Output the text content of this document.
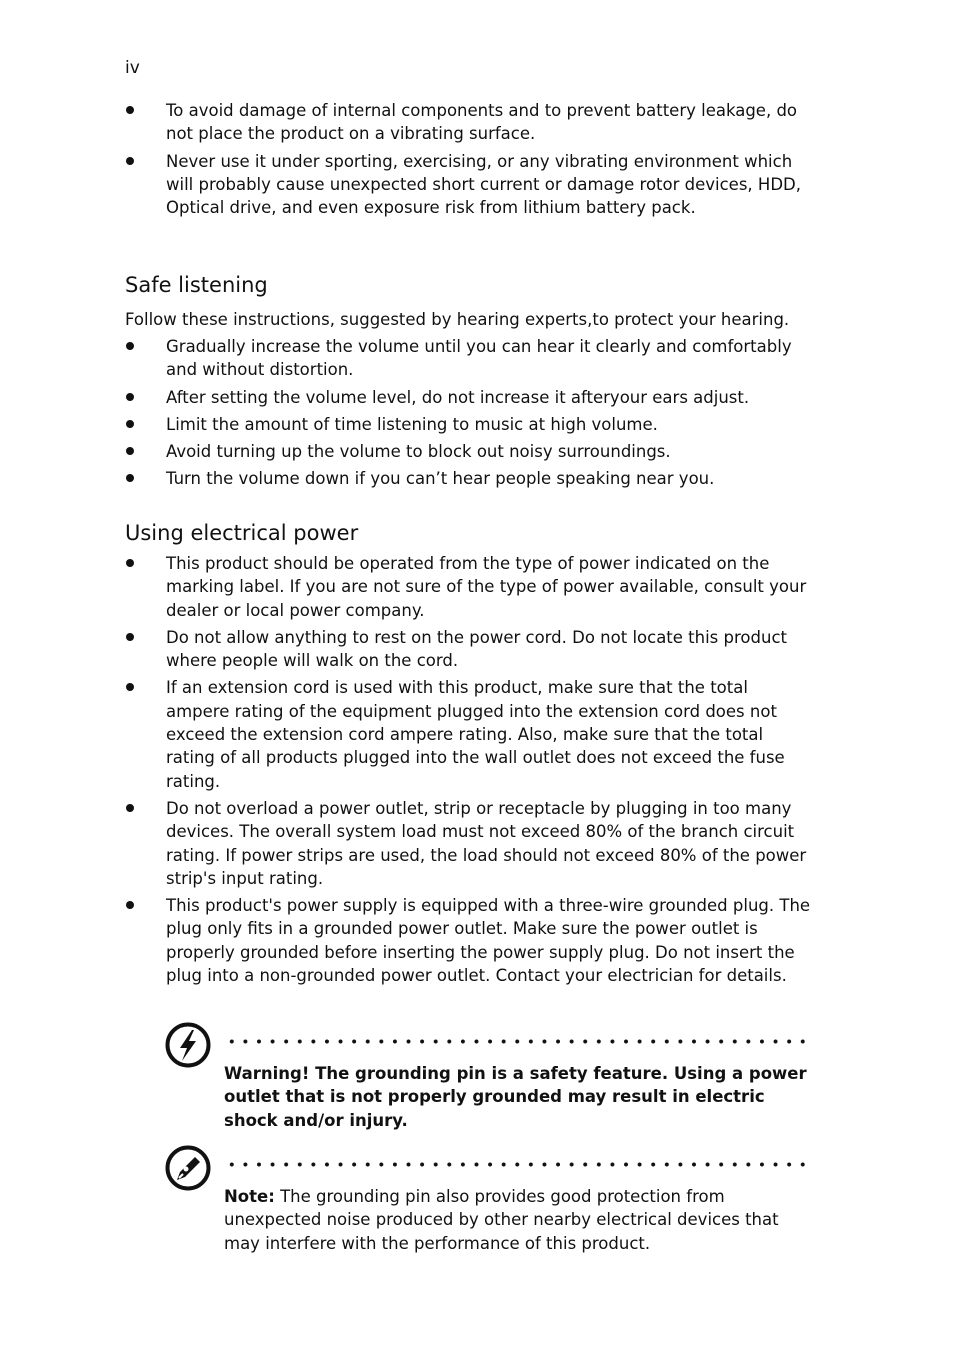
iv
To avoid damage of internal components and to prevent battery leakage, do not place the product on a vibrating surface.
Never use it under sporting, exercising, or any vibrating environment which will probably cause unexpected short current or damage rotor devices, HDD, Optical drive, and even exposure risk from lithium battery pack.
Safe listening

Follow these instructions, suggested by hearing experts,to protect your hearing.

Gradually increase the volume until you can hear it clearly and comfortably and without distortion.
After setting the volume level, do not increase it afteryour ears adjust.
Limit the amount of time listening to music at high volume.
Avoid turning up the volume to block out noisy surroundings.
Turn the volume down if you can’t hear people speaking near you.
Using electrical power
This product should be operated from the type of power indicated on the marking label. If you are not sure of the type of power available, consult your dealer or local power company.
Do not allow anything to rest on the power cord. Do not locate this product where people will walk on the cord.
If an extension cord is used with this product, make sure that the total ampere rating of the equipment plugged into the extension cord does not exceed the extension cord ampere rating. Also, make sure that the total rating of all products plugged into the wall outlet does not exceed the fuse rating.
Do not overload a power outlet, strip or receptacle by plugging in too many devices. The overall system load must not exceed 80% of the branch circuit rating. If power strips are used, the load should not exceed 80% of the power strip's input rating.
This product's power supply is equipped with a three-wire grounded plug. The plug only fits in a grounded power outlet. Make sure the power outlet is properly grounded before inserting the power supply plug. Do not insert the plug into a non-grounded power outlet. Contact your electrician for details.

Warning! The grounding pin is a safety feature. Using a power outlet that is not properly grounded may result in electric shock and/or injury.

Note: The grounding pin also provides good protection from unexpected noise produced by other nearby electrical devices that may interfere with the performance of this product.
